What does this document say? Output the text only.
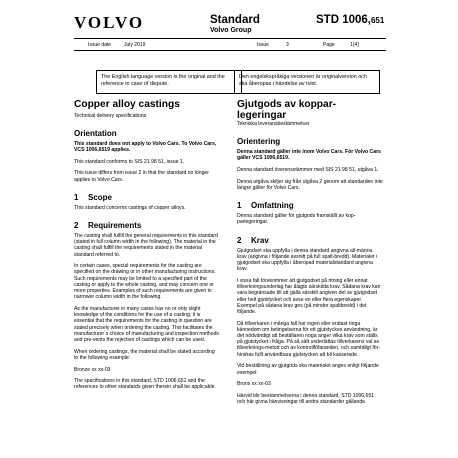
VOLVO	Standard
Volvo Group
STD 1006,651
Issue date	July 2019	Issue	3	Page	1(4)
The English language version is the original and the reference in case of dispute.
Den engelskspråkiga versionen är originalversion och ska åberopas i händelse av tvist.
Copper alloy castings
Technical delivery specifications
Orientation
This standard does not apply to Volvo Cars. To Volvo Cars, VCS 1006,6519 applies.
This standard conforms to SIS 21 98 51, issue 1.
This issue differs from issue 2 in that the standard no longer applies to Volvo Cars.
1 Scope
This standard concerns castings of copper alloys.
2 Requirements
The casting shall fulfill the general requirements in this standard (stated in full column width in the following). The material in the casting shall fulfill the requirements stated in the material standard referred to.
In certain cases, special requirements for the casting are specified on the drawing or in other manufacturing instructions. Such requirements may be limited to a specified part of the casting or apply to the whole casting, and may concern one or more properties. Examples of such requirements are given in narrower column width in the following.
As the manufacturer in many cases has no or only slight knowledge of the conditions for the use of a casting, it is essential that the requirements for the casting in question are stated precisely when ordering the casting. This facilitates the manufacturer´s choice of manufacturing and inspection methods and pre-vents the rejection of castings which can be used.
When ordering castings, the material shall be stated according to the following example:
Bronze xx xx-03
The specifications in this standard, STD 1006,651 and the references to other standards given therein shall be applicable.
Gjutgods av koppar-legeringar
Tekniska leveransbestämmelser
Orientering
Denna standard gäller inte inom Volvo Cars. För Volvo Cars gäller VCS 1006,6519.
Denna standard överensstämmer med SIS 21 98 51, utgåva 1.
Denna utgåva skiljer sig från utgåva 2 genom att standarden inte längre gäller för Volvo Cars.
1 Omfattning
Denna standard gäller för gjutgods framställt av kop-parlegeringar.
2 Krav
Gjutgodset ska uppfylla i denna standard angivna all-männa krav (angivna i följande avsnitt på full spalt-bredd). Materialet i gjutgodset ska uppfylla i åberopad materialstandard angivna krav.
I vissa fall förekommer att gjutgodset på ritning eller annat tillverkningsunderlag har ålagts särskilda krav. Sådana krav kan vara begränsade till att gälla särskilt angiven del av gjutgodset eller helt gjutstycket och avse en eller flera egenskaper. Exempel på sådana krav ges (på mindre spaltbredd) i det följande.
Då tillverkaren i många fall har ingen eller endast ringa kännedom om betingelserna för ett gjutstyckes användning, är det nödvändigt att beställaren noga anger vilka krav som ställs på gjutstycket i fråga. På så sätt underlättas tillverkarens val av tillverknings-metod och av kontrollföfaranden, och samtidigt för-hindras fullt användbara gjutstycken att bli kasserade.
Vid beställning av gjutgods ska materialet anges enligt följande exempel:
Brons xx xx-03
Härvid blir bestämmelserna i denna standard, STD 1006,651 och här givna hänvisningar till andra standarder gällande.
